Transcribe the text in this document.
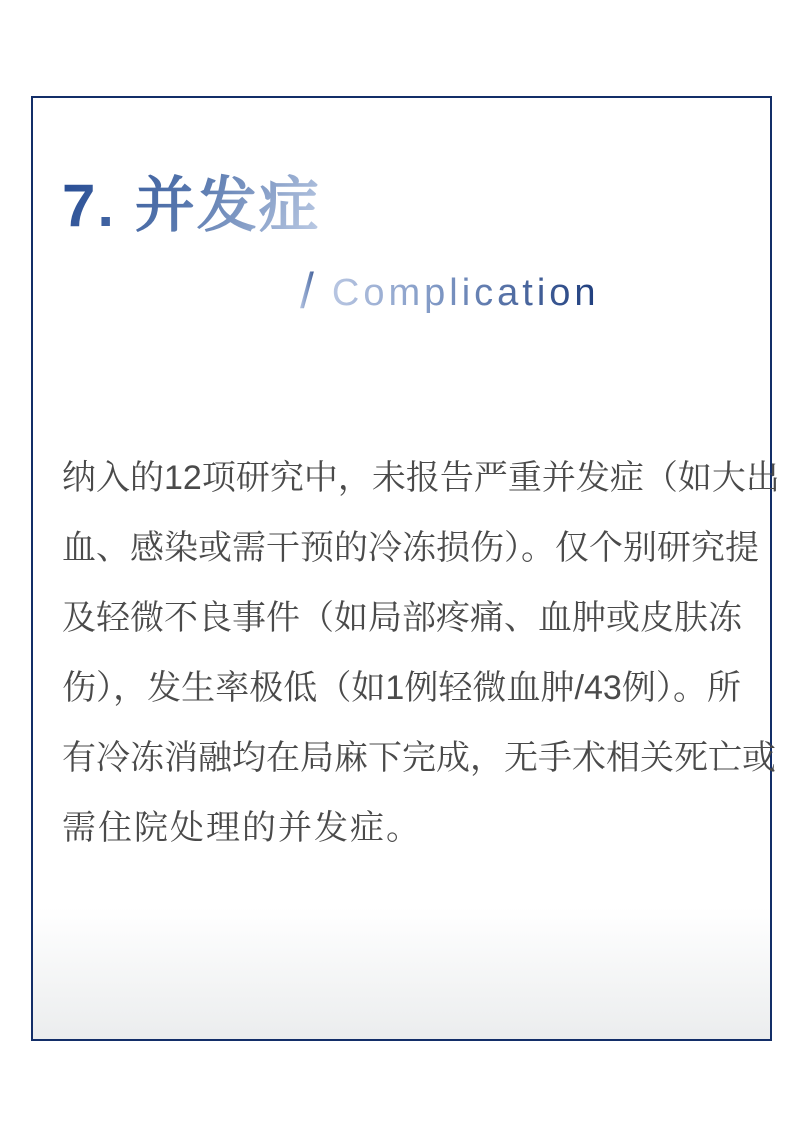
7. 并发症
/ Complication
纳入的12项研究中，未报告严重并发症（如大出
血、感染或需干预的冷冻损伤）。仅个别研究提
及轻微不良事件（如局部疼痛、血肿或皮肤冻
伤），发生率极低（如1例轻微血肿/43例）。所
有冷冻消融均在局麻下完成，无手术相关死亡或
需住院处理的并发症。
